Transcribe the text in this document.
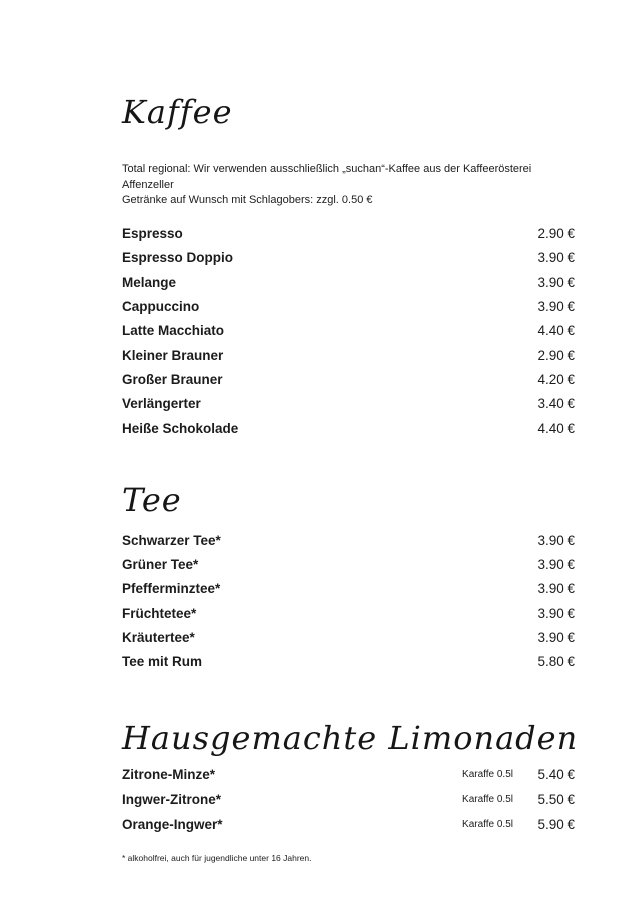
Kaffee

Total regional: Wir verwenden ausschließlich „suchan“-Kaffee aus der Kaffeerösterei Affenzeller
Getränke auf Wunsch mit Schlagobers: zzgl. 0.50 €

Espresso	2.90 €
Espresso Doppio	3.90 €
Melange	3.90 €
Cappuccino	3.90 €
Latte Macchiato	4.40 €
Kleiner Brauner	2.90 €
Großer Brauner	4.20 €
Verlängerter	3.40 €
Heiße Schokolade	4.40 €
Tee
Schwarzer Tee*	3.90 €
Grüner Tee*	3.90 €
Pfefferminztee*	3.90 €
Früchtetee*	3.90 €
Kräutertee*	3.90 €
Tee mit Rum	5.80 €
Hausgemachte Limonaden
Zitrone-Minze*	Karaffe 0.5l 5.40 €
Ingwer-Zitrone*	Karaffe 0.5l 5.50 €
Orange-Ingwer*	Karaffe 0.5l 5.90 €

* alkoholfrei, auch für jugendliche unter 16 Jahren.
